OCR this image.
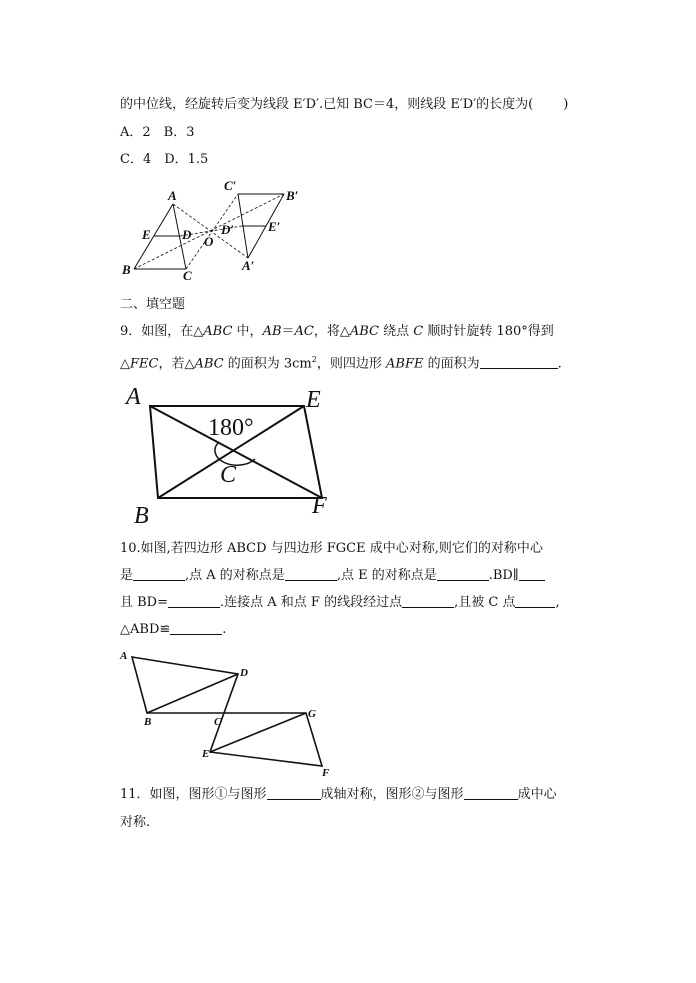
的中位线，经旋转后变为线段 E′D′.已知 BC＝4，则线段 E′D′的长度为( )
A．2　B．3
C．4　D．1.5
A
E D
B	C
O
C′
B′
D′	E′
A′
二、填空题
9．如图，在△ABC 中，AB＝AC，将△ABC 绕点 C 顺时针旋转 180°得到
△FEC，若△ABC 的面积为 $3cm^2$，则四边形 ABFE 的面积为	.
A	E
B	F
C
180°
10.如图,若四边形 ABCD 与四边形 FGCE 成中心对称,则它们的对称中心
是	,点 A 的对称点是	,点 E 的对称点是	.BD∥
且 BD=	.连接点 A 和点 F 的线段经过点	,且被 C 点	,
△ABD≌	.
A
D
B	C
G
E
F
11．如图，图形①与图形	成轴对称，图形②与图形	成中心
对称.
